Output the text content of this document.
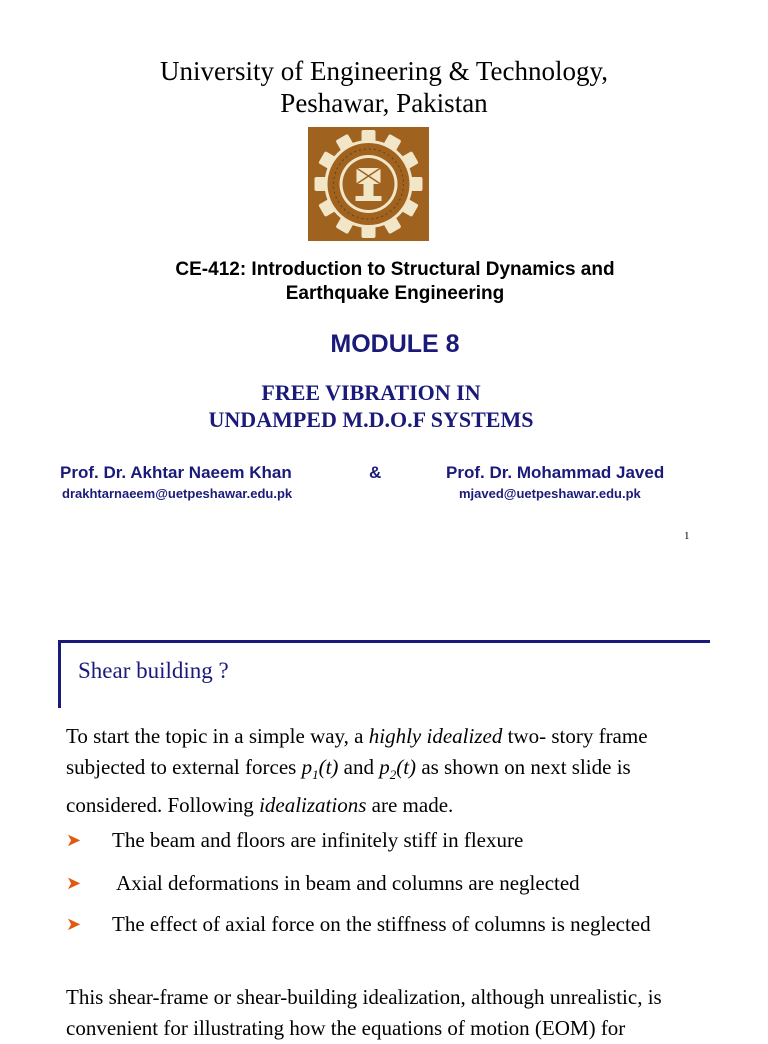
University of Engineering & Technology,
Peshawar, Pakistan
CE-412: Introduction to Structural Dynamics and
Earthquake Engineering
MODULE 8
FREE VIBRATION IN
UNDAMPED M.D.O.F SYSTEMS
Prof. Dr. Akhtar Naeem Khan	&	Prof. Dr. Mohammad Javed
drakhtarnaeem@uetpeshawar.edu.pk	mjaved@uetpeshawar.edu.pk
1
Shear building ?
To start the topic in a simple way, a highly idealized two- story frame subjected to external forces $p_1(t)$ and $p_2(t)$ as shown on next slide is considered. Following idealizations are made.
➤	The beam and floors are infinitely stiff in flexure
➤	Axial deformations in beam and columns are neglected
➤	The effect of axial force on the stiffness of columns is neglected
This shear-frame or shear-building idealization, although unrealistic, is convenient for illustrating how the equations of motion (EOM) for
